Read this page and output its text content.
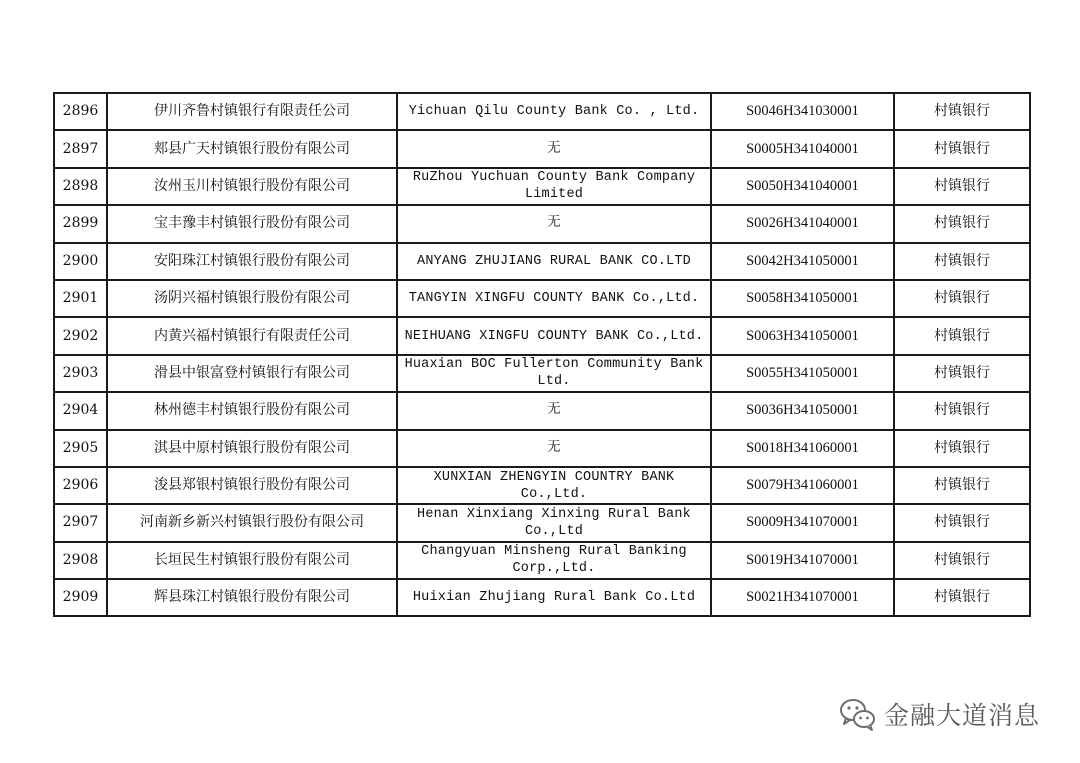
2896	伊川齐鲁村镇银行有限责任公司	Yichuan Qilu County Bank Co. , Ltd.	S0046H341030001	村镇银行
2897	郏县广天村镇银行股份有限公司	无	S0005H341040001	村镇银行
2898	汝州玉川村镇银行股份有限公司	RuZhou Yuchuan County Bank Company Limited	S0050H341040001	村镇银行
2899	宝丰豫丰村镇银行股份有限公司	无	S0026H341040001	村镇银行
2900	安阳珠江村镇银行股份有限公司	ANYANG ZHUJIANG RURAL BANK CO.LTD	S0042H341050001	村镇银行
2901	汤阴兴福村镇银行股份有限公司	TANGYIN XINGFU COUNTY BANK Co.,Ltd.	S0058H341050001	村镇银行
2902	内黄兴福村镇银行有限责任公司	NEIHUANG XINGFU COUNTY BANK Co.,Ltd.	S0063H341050001	村镇银行
2903	滑县中银富登村镇银行有限公司	Huaxian BOC Fullerton Community Bank Ltd.	S0055H341050001	村镇银行
2904	林州德丰村镇银行股份有限公司	无	S0036H341050001	村镇银行
2905	淇县中原村镇银行股份有限公司	无	S0018H341060001	村镇银行
2906	浚县郑银村镇银行股份有限公司	XUNXIAN ZHENGYIN COUNTRY BANK Co.,Ltd.	S0079H341060001	村镇银行
2907	河南新乡新兴村镇银行股份有限公司	Henan Xinxiang Xinxing Rural Bank Co.,Ltd	S0009H341070001	村镇银行
2908	长垣民生村镇银行股份有限公司	Changyuan Minsheng Rural Banking Corp.,Ltd.	S0019H341070001	村镇银行
2909	辉县珠江村镇银行股份有限公司	Huixian Zhujiang Rural Bank Co.Ltd	S0021H341070001	村镇银行
金融大道消息
